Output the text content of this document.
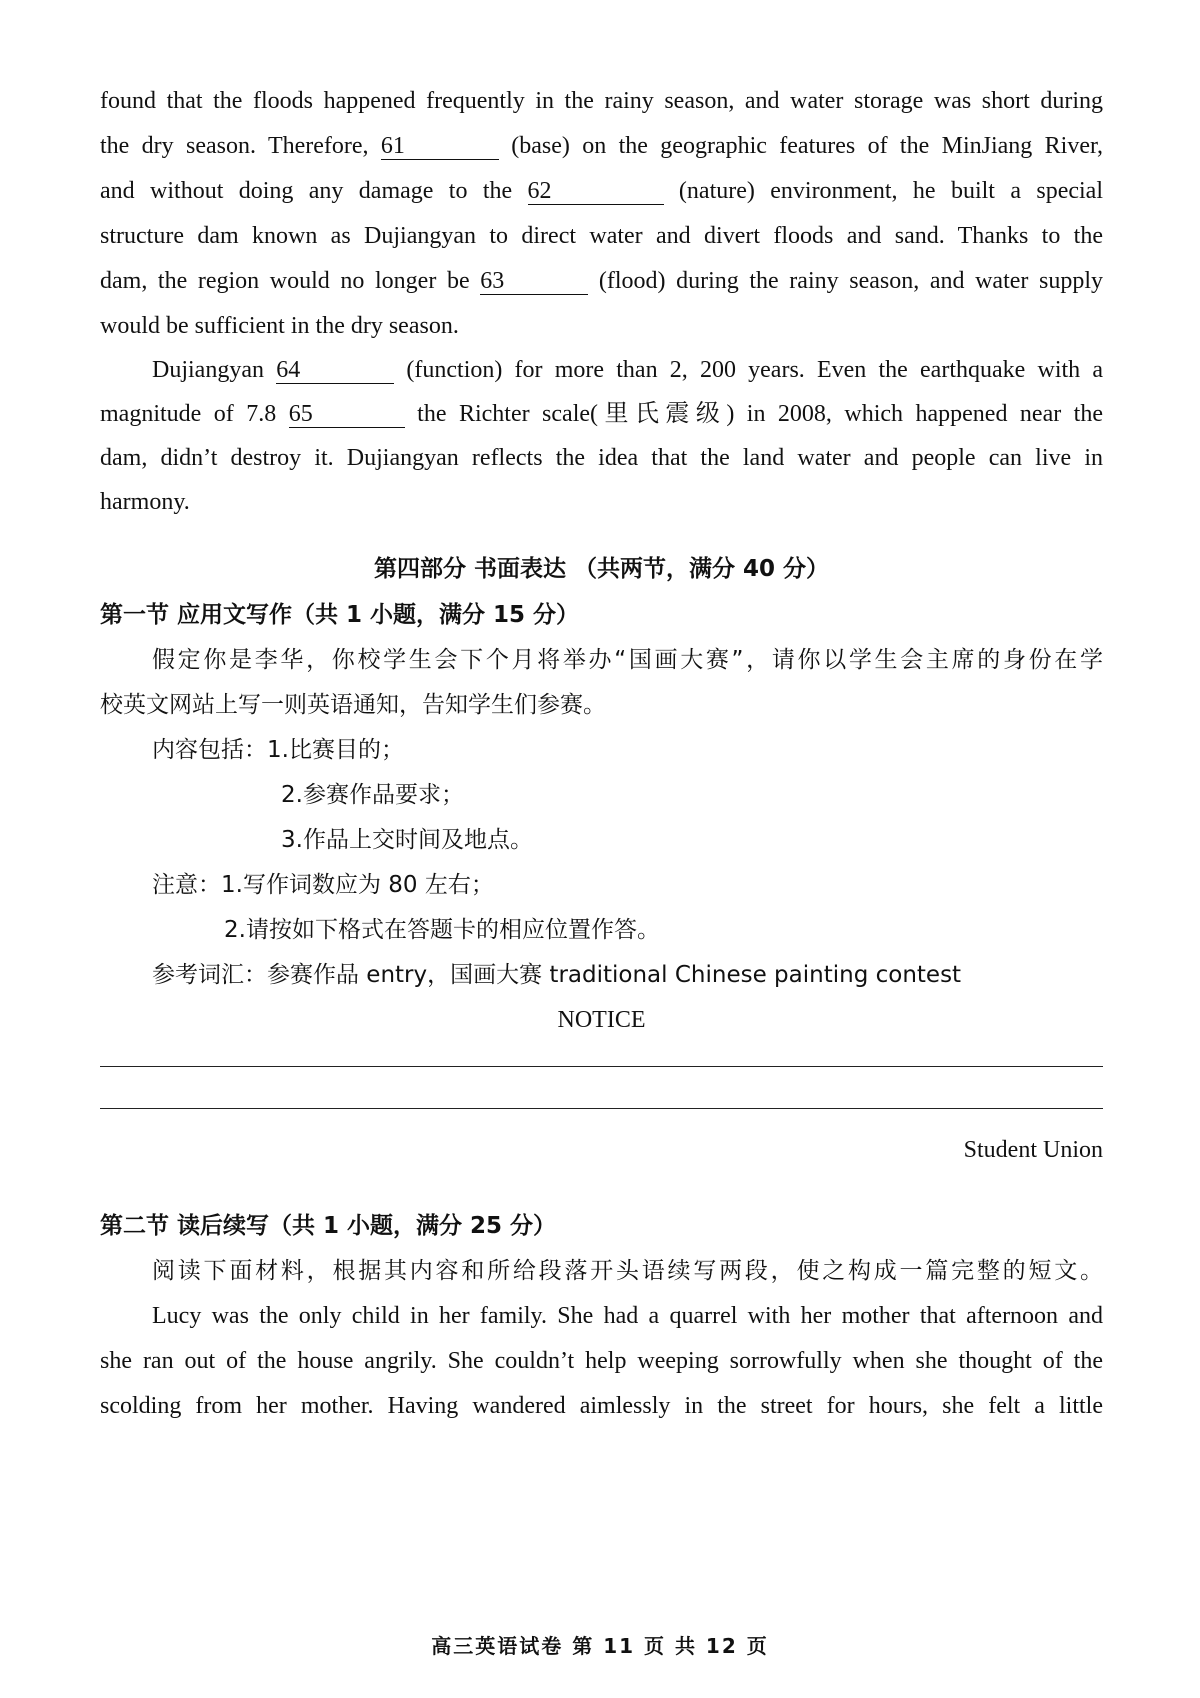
found that the floods happened frequently in the rainy season, and water storage was short during
the dry season. Therefore, 61	(base) on the geographic features of the MinJiang River,
and without doing any damage to the 62	(nature) environment, he built a special
structure dam known as Dujiangyan to direct water and divert floods and sand. Thanks to the
dam, the region would no longer be 63	(flood) during the rainy season, and water supply
would be sufficient in the dry season.
Dujiangyan 64	(function) for more than 2, 200 years. Even the earthquake with a
magnitude of 7.8 65	the Richter scale(里氏震级) in 2008, which happened near the
dam, didn’t destroy it. Dujiangyan reflects the idea that the land water and people can live in
harmony.
第四部分 书面表达 （共两节，满分 40 分）
第一节 应用文写作（共 1 小题，满分 15 分）
假定你是李华，你校学生会下个月将举办“国画大赛”，请你以学生会主席的身份在学
校英文网站上写一则英语通知，告知学生们参赛。
内容包括：1.比赛目的；
2.参赛作品要求；
3.作品上交时间及地点。
注意：1.写作词数应为 80 左右；
2.请按如下格式在答题卡的相应位置作答。
参考词汇：参赛作品 entry，国画大赛 traditional Chinese painting contest
NOTICE
Student Union
第二节 读后续写（共 1 小题，满分 25 分）
阅读下面材料，根据其内容和所给段落开头语续写两段，使之构成一篇完整的短文。
Lucy was the only child in her family. She had a quarrel with her mother that afternoon and
she ran out of the house angrily. She couldn’t help weeping sorrowfully when she thought of the
scolding from her mother. Having wandered aimlessly in the street for hours, she felt a little
高三英语试卷 第 11 页 共 12 页
